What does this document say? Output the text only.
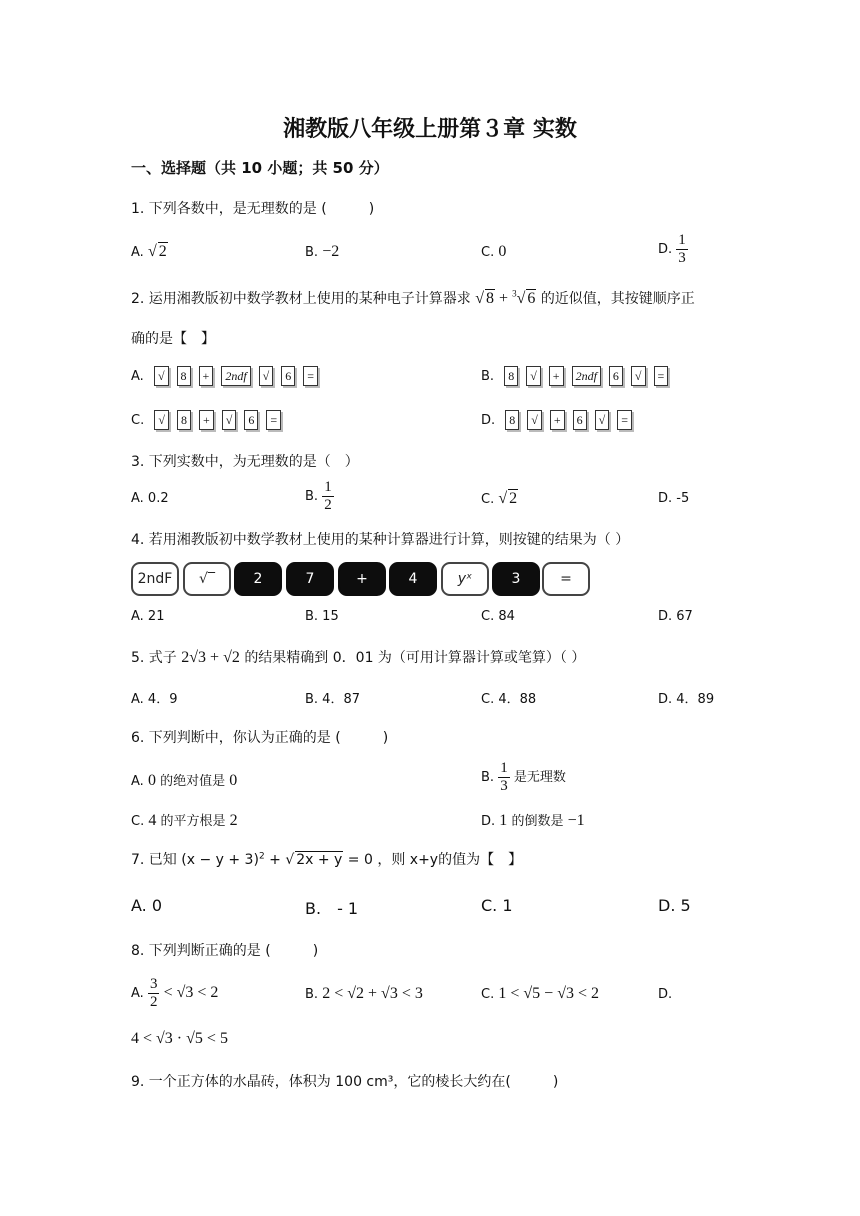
湘教版八年级上册第３章 实数
一、选择题（共 10 小题；共 50 分）
1. 下列各数中，是无理数的是 (　　　)
A. √ 2	B. −2	C. 0	D. $\frac{1}{3}$
2. 运用湘教版初中数学教材上使用的某种电子计算器求 √ 8 + $^3$√ 6 的近似值，其按键顺序正
确的是【　】
A. √ 8 + 2ndf √ 6 =	B. 8 √ + 2ndf 6 √ =
C. √ 8 + √ 6 =	D. 8 √ + 6 √ =
3. 下列实数中，为无理数的是（　）
A. 0.2	B. $\frac{1}{2}$	C. √ 2	D. -5
4. 若用湘教版初中数学教材上使用的某种计算器进行计算，则按键的结果为（ ）
2ndF	√‾	2	7	+	4	yˣ	3	=
A. 21	B. 15	C. 84	D. 67
5. 式子 2√3 + √2 的结果精确到 0．01 为（可用计算器计算或笔算）（ ）
A. 4．9	B. 4．87	C. 4．88	D. 4．89
6. 下列判断中，你认为正确的是 (　　　)
A. 0 的绝对值是 0	B. $\frac{1}{3}$ 是无理数
C. 4 的平方根是 2	D. 1 的倒数是 −1
7. 已知 $(x - y + 3)^2$ + √ 2x + y = 0 ，则 x+y的值为【　】
A. 0	B.　- 1	C. 1	D. 5
8. 下列判断正确的是 (　　　)
A. $\frac{3}{2} < √3 < 2$	B. 2 < √2 + √3 < 3	C. 1 < √5 − √3 < 2	D.
4 < √3 · √5 < 5
9. 一个正方体的水晶砖，体积为 100 cm³，它的棱长大约在(　　　)
